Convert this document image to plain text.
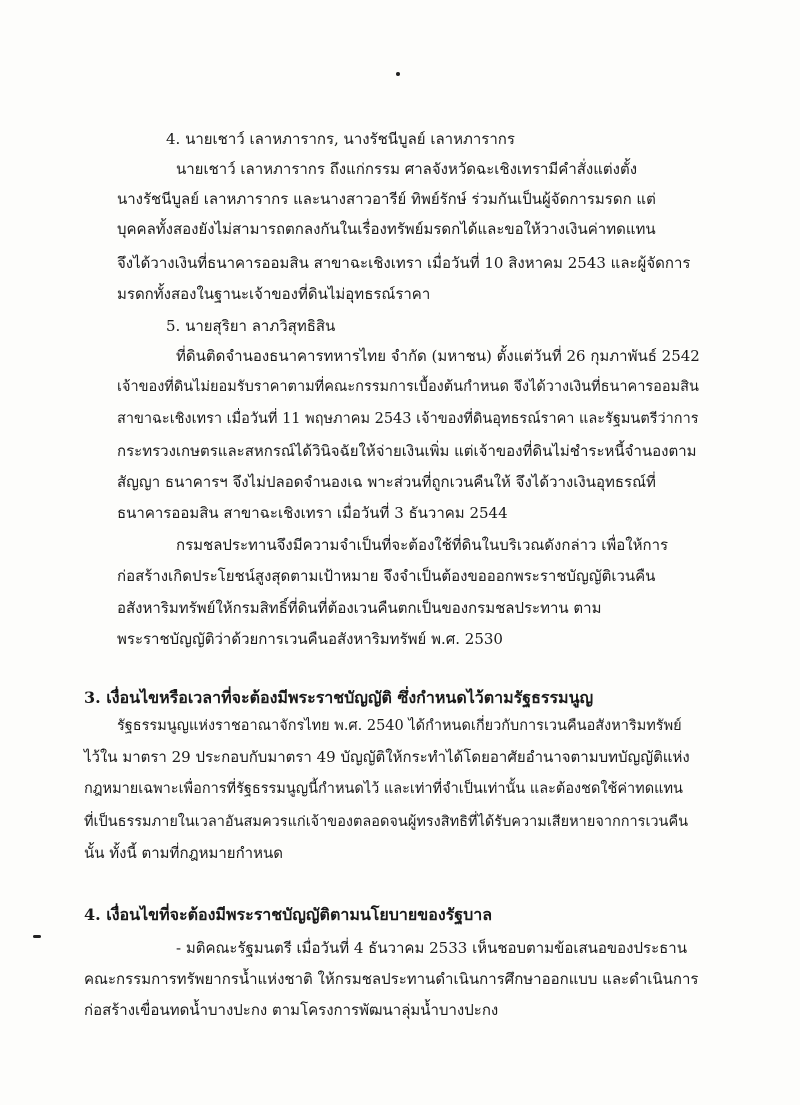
4. นายเชาว์ เลาหภารากร, นางรัชนีบูลย์ เลาหภารากร
นายเชาว์ เลาหภารากร ถึงแก่กรรม ศาลจังหวัดฉะเชิงเทรามีคำสั่งแต่งตั้ง
นางรัชนีบูลย์ เลาหภารากร และนางสาวอารีย์ ทิพย์รักษ์ ร่วมกันเป็นผู้จัดการมรดก แต่
บุคคลทั้งสองยังไม่สามารถตกลงกันในเรื่องทรัพย์มรดกได้และขอให้วางเงินค่าทดแทน
จึงได้วางเงินที่ธนาคารออมสิน สาขาฉะเชิงเทรา เมื่อวันที่ 10 สิงหาคม 2543 และผู้จัดการ
มรดกทั้งสองในฐานะเจ้าของที่ดินไม่อุทธรณ์ราคา
5. นายสุริยา ลาภวิสุทธิสิน
ที่ดินติดจำนองธนาคารทหารไทย จำกัด (มหาชน) ตั้งแต่วันที่ 26 กุมภาพันธ์ 2542
เจ้าของที่ดินไม่ยอมรับราคาตามที่คณะกรรมการเบื้องต้นกำหนด จึงได้วางเงินที่ธนาคารออมสิน
สาขาฉะเชิงเทรา เมื่อวันที่ 11 พฤษภาคม 2543 เจ้าของที่ดินอุทธรณ์ราคา และรัฐมนตรีว่าการ
กระทรวงเกษตรและสหกรณ์ได้วินิจฉัยให้จ่ายเงินเพิ่ม แต่เจ้าของที่ดินไม่ชำระหนี้จำนองตาม
สัญญา ธนาคารฯ จึงไม่ปลอดจำนองเฉ พาะส่วนที่ถูกเวนคืนให้ จึงได้วางเงินอุทธรณ์ที่
ธนาคารออมสิน สาขาฉะเชิงเทรา เมื่อวันที่ 3 ธันวาคม 2544
กรมชลประทานจึงมีความจำเป็นที่จะต้องใช้ที่ดินในบริเวณดังกล่าว เพื่อให้การ
ก่อสร้างเกิดประโยชน์สูงสุดตามเป้าหมาย จึงจำเป็นต้องขอออกพระราชบัญญัติเวนคืน
อสังหาริมทรัพย์ให้กรมสิทธิ์ที่ดินที่ต้องเวนคืนตกเป็นของกรมชลประทาน ตาม
พระราชบัญญัติว่าด้วยการเวนคืนอสังหาริมทรัพย์ พ.ศ. 2530
3. เงื่อนไขหรือเวลาที่จะต้องมีพระราชบัญญัติ ซึ่งกำหนดไว้ตามรัฐธรรมนูญ
รัฐธรรมนูญแห่งราชอาณาจักรไทย พ.ศ. 2540 ได้กำหนดเกี่ยวกับการเวนคืนอสังหาริมทรัพย์
ไว้ใน มาตรา 29 ประกอบกับมาตรา 49 บัญญัติให้กระทำได้โดยอาศัยอำนาจตามบทบัญญัติแห่ง
กฎหมายเฉพาะเพื่อการที่รัฐธรรมนูญนี้กำหนดไว้ และเท่าที่จำเป็นเท่านั้น และต้องชดใช้ค่าทดแทน
ที่เป็นธรรมภายในเวลาอันสมควรแก่เจ้าของตลอดจนผู้ทรงสิทธิที่ได้รับความเสียหายจากการเวนคืน
นั้น ทั้งนี้ ตามที่กฎหมายกำหนด
4. เงื่อนไขที่จะต้องมีพระราชบัญญัติตามนโยบายของรัฐบาล
- มติคณะรัฐมนตรี เมื่อวันที่ 4 ธันวาคม 2533 เห็นชอบตามข้อเสนอของประธาน
คณะกรรมการทรัพยากรน้ำแห่งชาติ ให้กรมชลประทานดำเนินการศึกษาออกแบบ และดำเนินการ
ก่อสร้างเขื่อนทดน้ำบางปะกง ตามโครงการพัฒนาลุ่มน้ำบางปะกง
